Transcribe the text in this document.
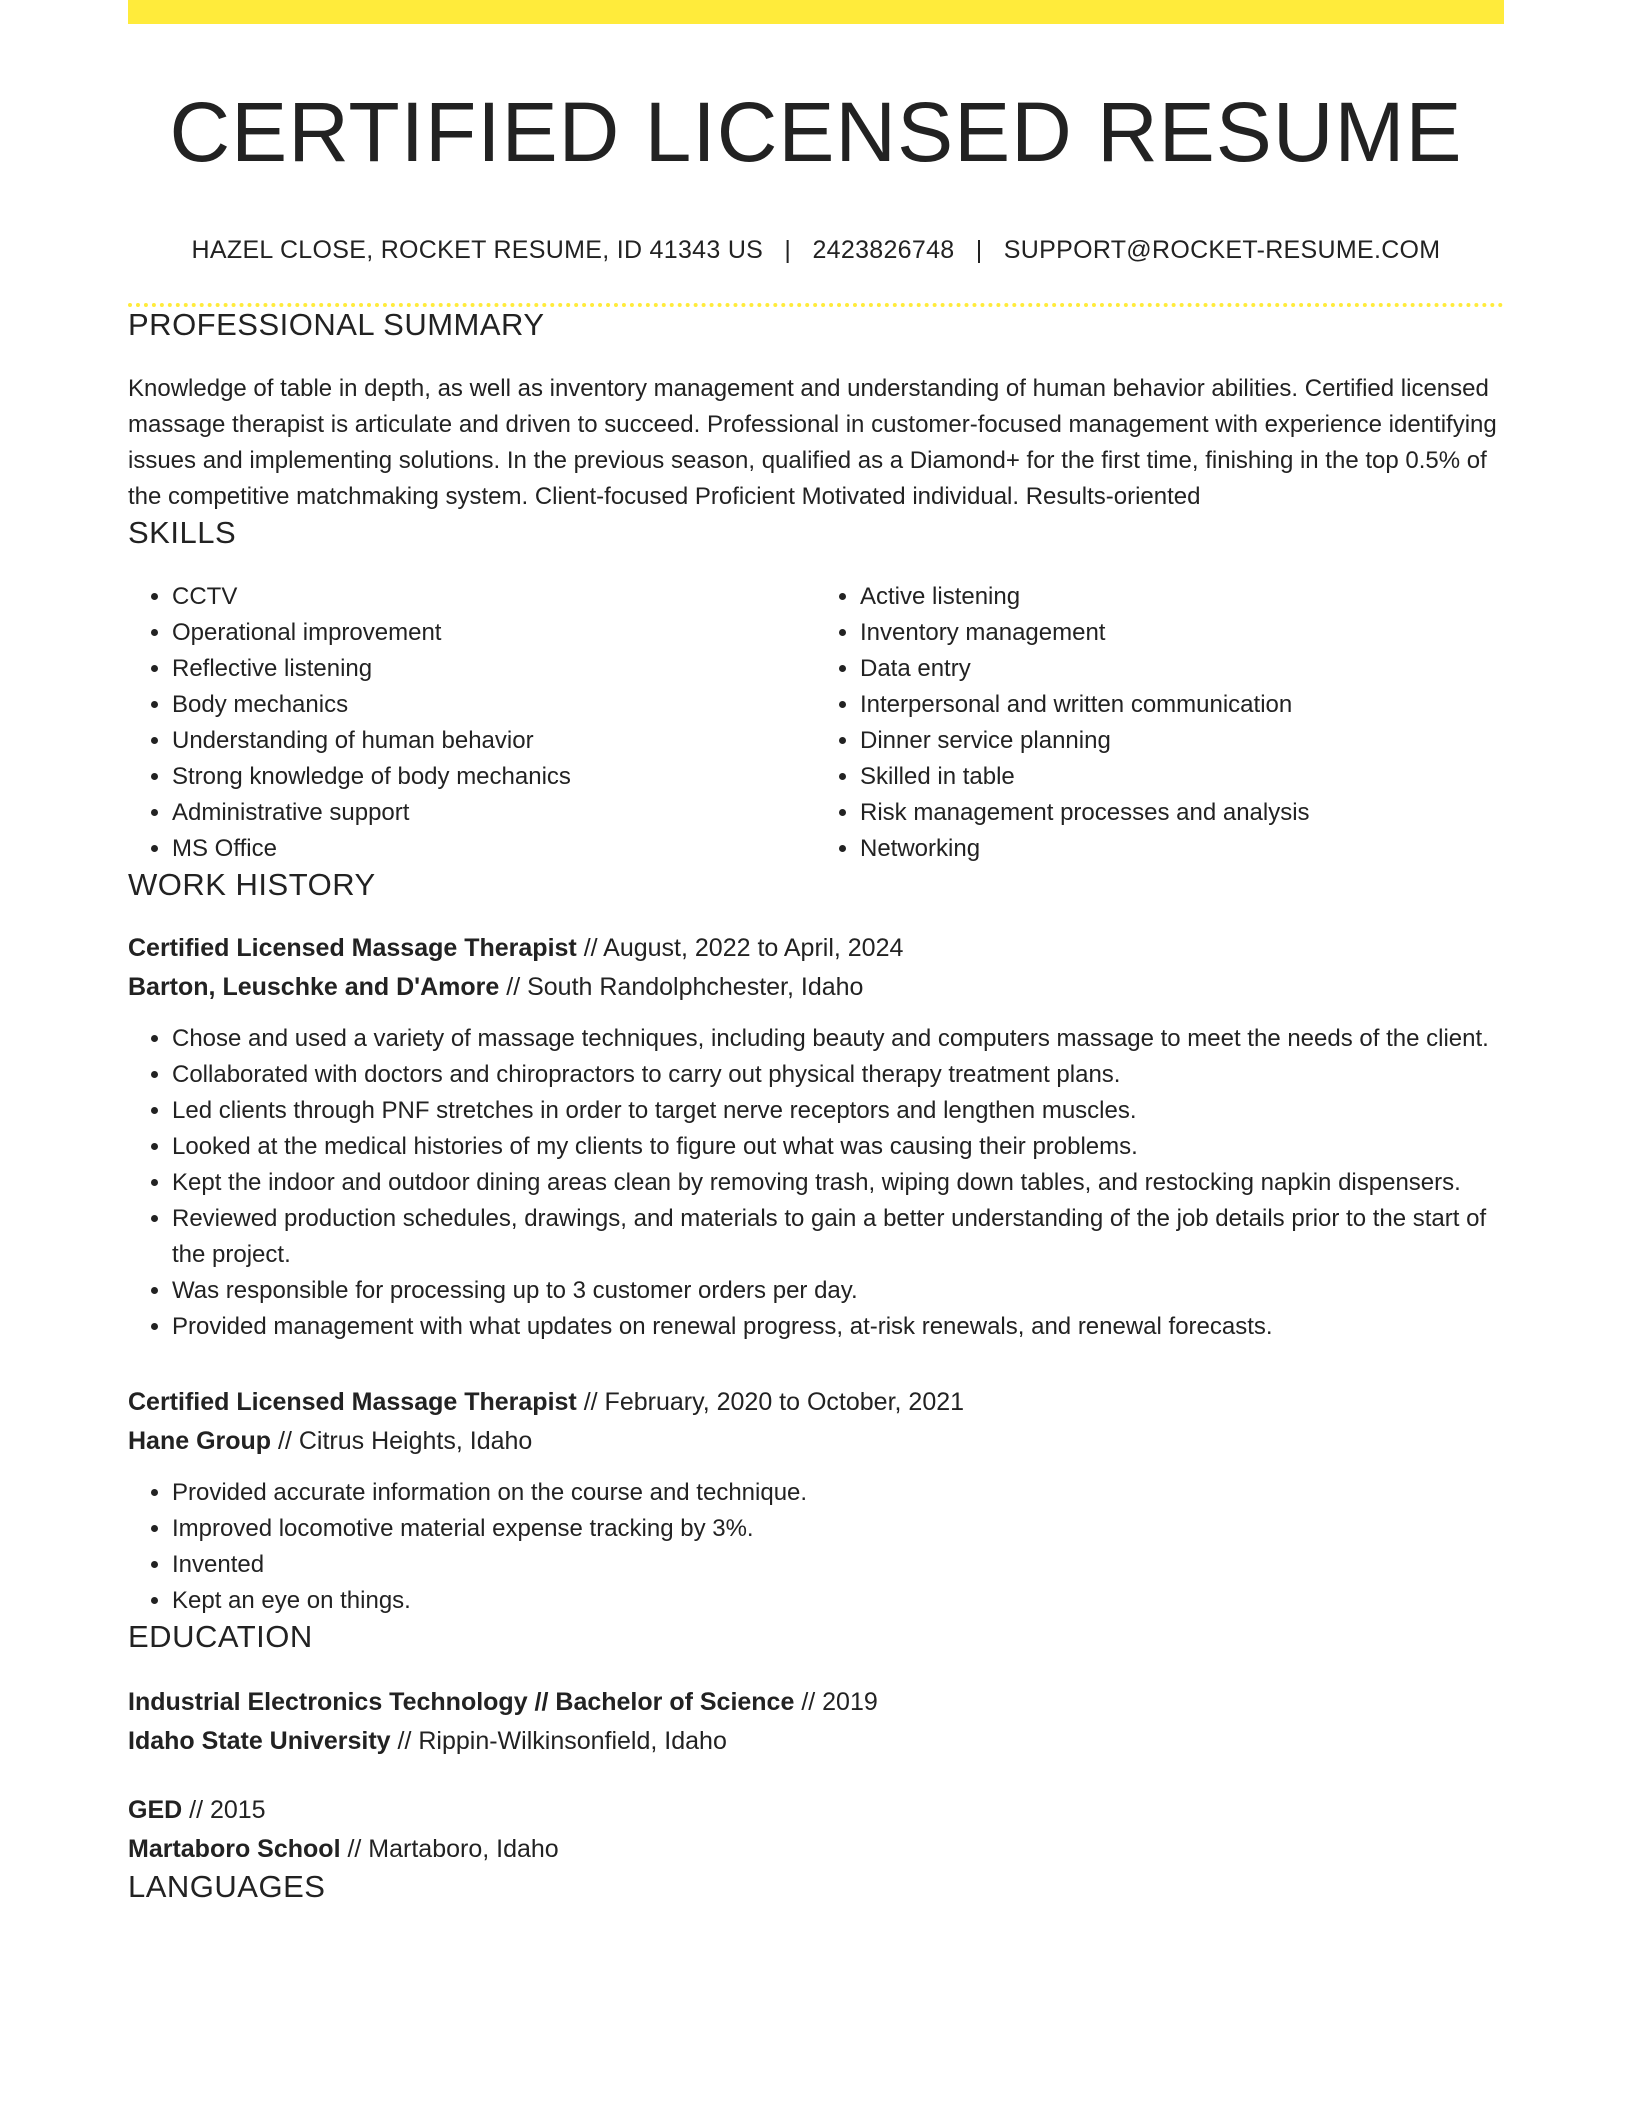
CERTIFIED LICENSED RESUME
HAZEL CLOSE, ROCKET RESUME, ID 41343 US | 2423826748 | SUPPORT@ROCKET-RESUME.COM
PROFESSIONAL SUMMARY
Knowledge of table in depth, as well as inventory management and understanding of human behavior abilities. Certified licensed massage therapist is articulate and driven to succeed. Professional in customer-focused management with experience identifying issues and implementing solutions. In the previous season, qualified as a Diamond+ for the first time, finishing in the top 0.5% of the competitive matchmaking system. Client-focused Proficient Motivated individual. Results-oriented
SKILLS
• CCTV
• Operational improvement
• Reflective listening
• Body mechanics
• Understanding of human behavior
• Strong knowledge of body mechanics
• Administrative support
• MS Office
• Active listening
• Inventory management
• Data entry
• Interpersonal and written communication
• Dinner service planning
• Skilled in table
• Risk management processes and analysis
• Networking
WORK HISTORY
Certified Licensed Massage Therapist // August, 2022 to April, 2024
Barton, Leuschke and D'Amore // South Randolphchester, Idaho
• Chose and used a variety of massage techniques, including beauty and computers massage to meet the needs of the client.
• Collaborated with doctors and chiropractors to carry out physical therapy treatment plans.
• Led clients through PNF stretches in order to target nerve receptors and lengthen muscles.
• Looked at the medical histories of my clients to figure out what was causing their problems.
• Kept the indoor and outdoor dining areas clean by removing trash, wiping down tables, and restocking napkin dispensers.
• Reviewed production schedules, drawings, and materials to gain a better understanding of the job details prior to the start of the project.
• Was responsible for processing up to 3 customer orders per day.
• Provided management with what updates on renewal progress, at-risk renewals, and renewal forecasts.
Certified Licensed Massage Therapist // February, 2020 to October, 2021
Hane Group // Citrus Heights, Idaho
• Provided accurate information on the course and technique.
• Improved locomotive material expense tracking by 3%.
• Invented
• Kept an eye on things.
EDUCATION
Industrial Electronics Technology // Bachelor of Science // 2019
Idaho State University // Rippin-Wilkinsonfield, Idaho
GED // 2015
Martaboro School // Martaboro, Idaho
LANGUAGES
